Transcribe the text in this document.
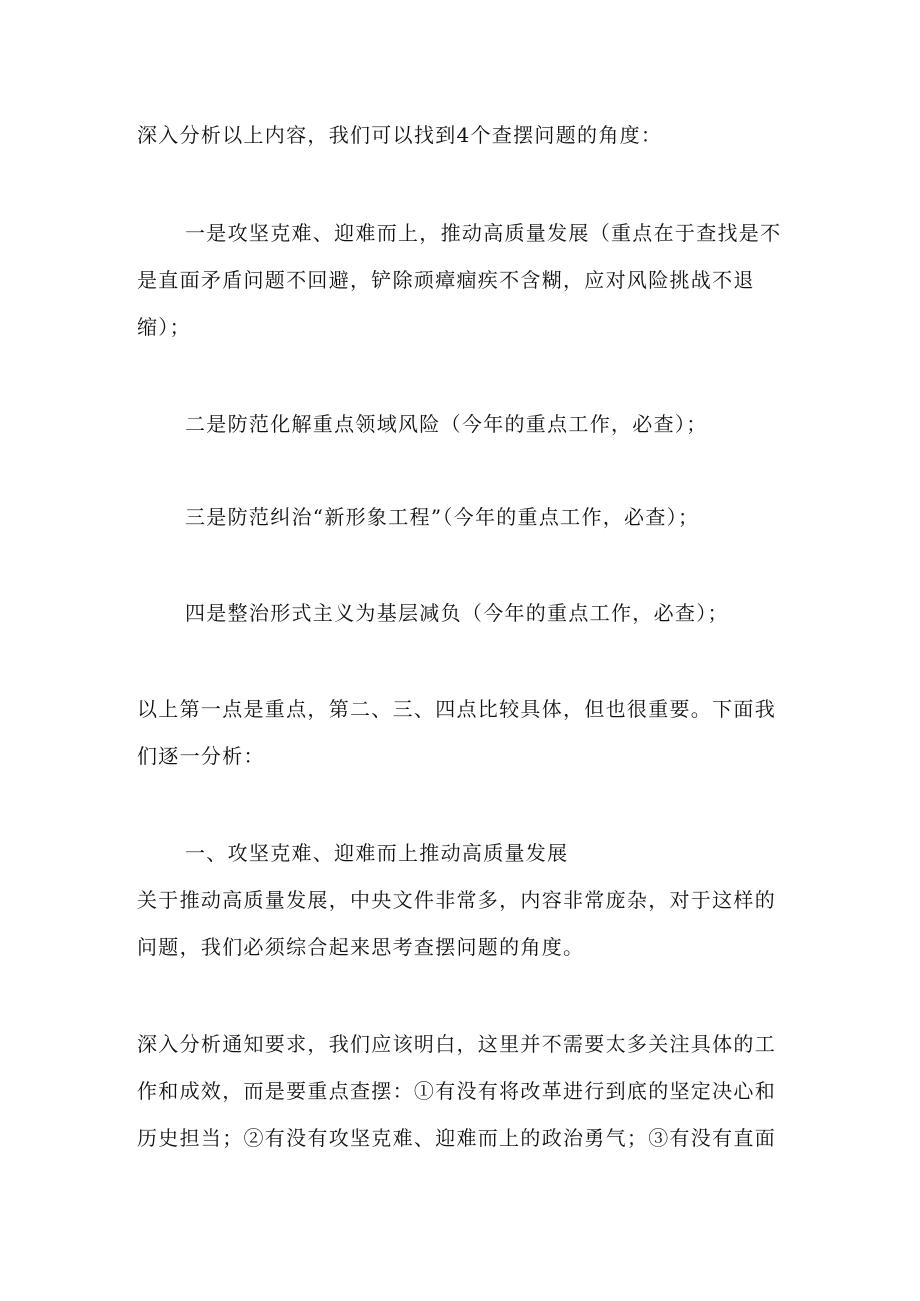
深入分析以上内容，我们可以找到4个查摆问题的角度：

一是攻坚克难、迎难而上，推动高质量发展（重点在于查找是不是直面矛盾问题不回避，铲除顽瘴痼疾不含糊，应对风险挑战不退缩）；

二是防范化解重点领域风险（今年的重点工作，必查）；

三是防范纠治“新形象工程”（今年的重点工作，必查）；

四是整治形式主义为基层减负（今年的重点工作，必查）；

以上第一点是重点，第二、三、四点比较具体，但也很重要。下面我们逐一分析：

一、攻坚克难、迎难而上推动高质量发展

关于推动高质量发展，中央文件非常多，内容非常庞杂，对于这样的问题，我们必须综合起来思考查摆问题的角度。

深入分析通知要求，我们应该明白，这里并不需要太多关注具体的工作和成效，而是要重点查摆：①有没有将改革进行到底的坚定决心和历史担当；②有没有攻坚克难、迎难而上的政治勇气；③有没有直面
